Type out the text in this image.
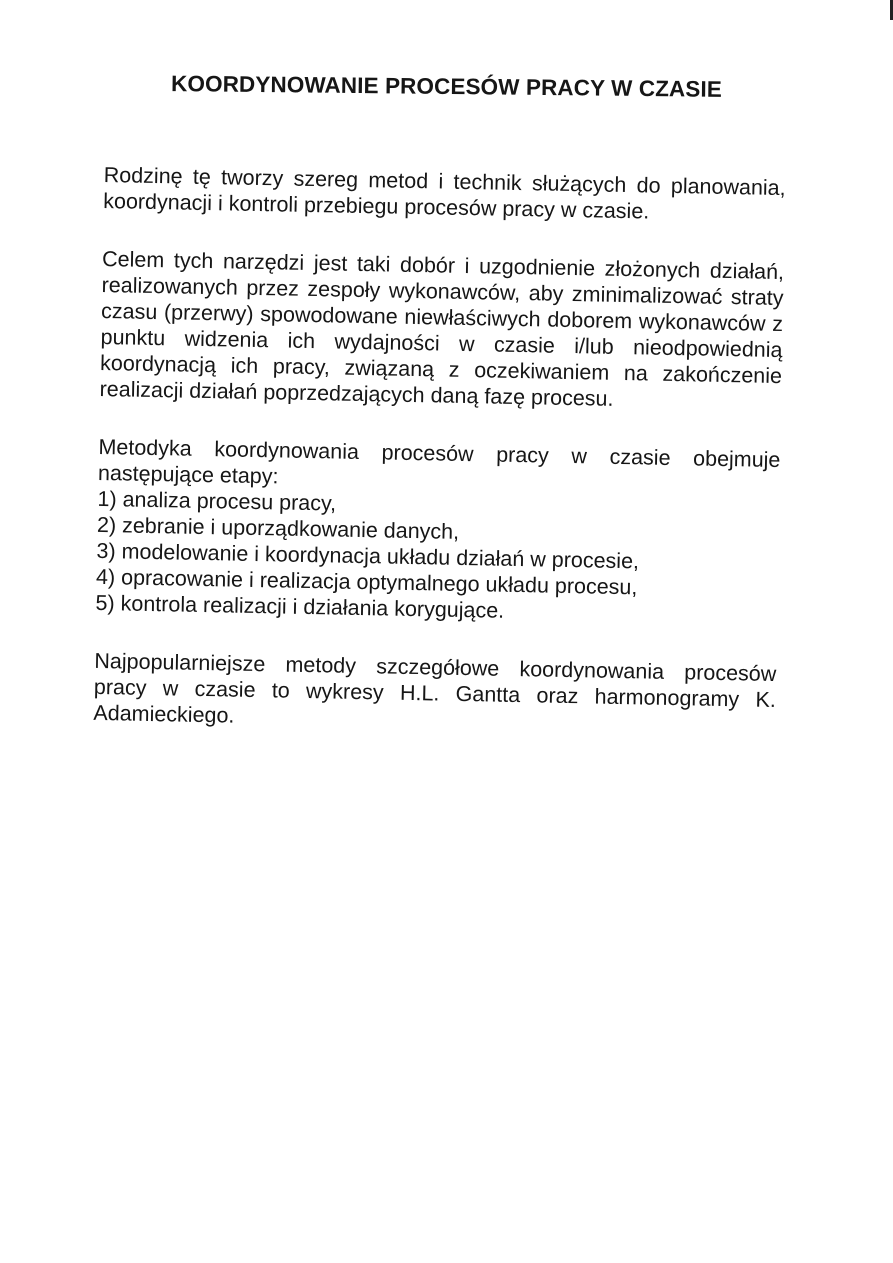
KOORDYNOWANIE PROCESÓW PRACY W CZASIE

Rodzinę tę tworzy szereg metod i technik służących do planowania, koordynacji i kontroli przebiegu procesów pracy w czasie.

Celem tych narzędzi jest taki dobór i uzgodnienie złożonych działań, realizowanych przez zespoły wykonawców, aby zminimalizować straty czasu (przerwy) spowodowane niewłaściwych doborem wykonawców z punktu widzenia ich wydajności w czasie i/lub nieodpowiednią koordynacją ich pracy, związaną z oczekiwaniem na zakończenie realizacji działań poprzedzających daną fazę procesu.

Metodyka koordynowania procesów pracy w czasie obejmuje następujące etapy:

1) analiza procesu pracy,
2) zebranie i uporządkowanie danych,
3) modelowanie i koordynacja układu działań w procesie,
4) opracowanie i realizacja optymalnego układu procesu,
5) kontrola realizacji i działania korygujące.

Najpopularniejsze metody szczegółowe koordynowania procesów pracy w czasie to wykresy H.L. Gantta oraz harmonogramy K. Adamieckiego.
